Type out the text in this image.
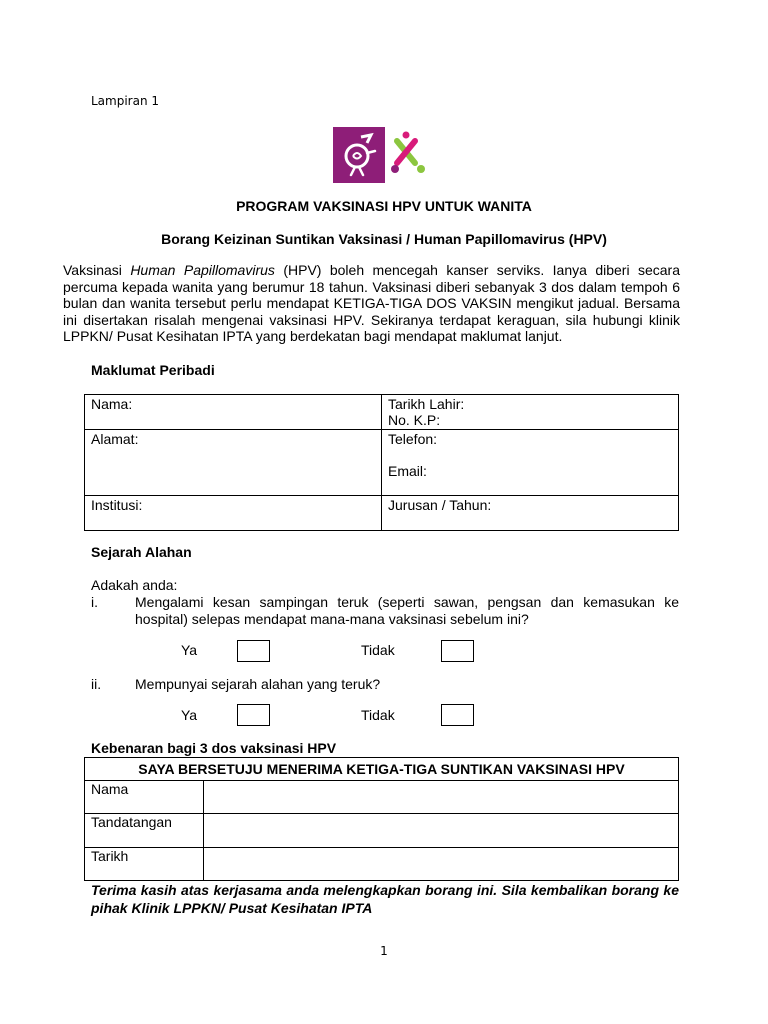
Lampiran 1
PROGRAM VAKSINASI HPV UNTUK WANITA
Borang Keizinan Suntikan Vaksinasi / Human Papillomavirus (HPV)
Vaksinasi Human Papillomavirus (HPV) boleh mencegah kanser serviks. Ianya diberi secara percuma kepada wanita yang berumur 18 tahun. Vaksinasi diberi sebanyak 3 dos dalam tempoh 6 bulan dan wanita tersebut perlu mendapat KETIGA-TIGA DOS VAKSIN mengikut jadual. Bersama ini disertakan risalah mengenai vaksinasi HPV. Sekiranya terdapat keraguan, sila hubungi klinik LPPKN/ Pusat Kesihatan IPTA yang berdekatan bagi mendapat maklumat lanjut.
Maklumat Peribadi
Nama:	Tarikh Lahir:
No. K.P:

Alamat:	Telefon:
Email:

Institusi:	Jurusan / Tahun:
Sejarah Alahan
Adakah anda:
i.	Mengalami kesan sampingan teruk (seperti sawan, pengsan dan kemasukan ke hospital) selepas mendapat mana-mana vaksinasi sebelum ini?
Ya	Tidak
ii. Mempunyai sejarah alahan yang teruk?
Ya	Tidak
Kebenaran bagi 3 dos vaksinasi HPV
SAYA BERSETUJU MENERIMA KETIGA-TIGA SUNTIKAN VAKSINASI HPV	
Nama	
Tandatangan	
Tarikh	
Terima kasih atas kerjasama anda melengkapkan borang ini. Sila kembalikan borang ke pihak Klinik LPPKN/ Pusat Kesihatan IPTA
1
